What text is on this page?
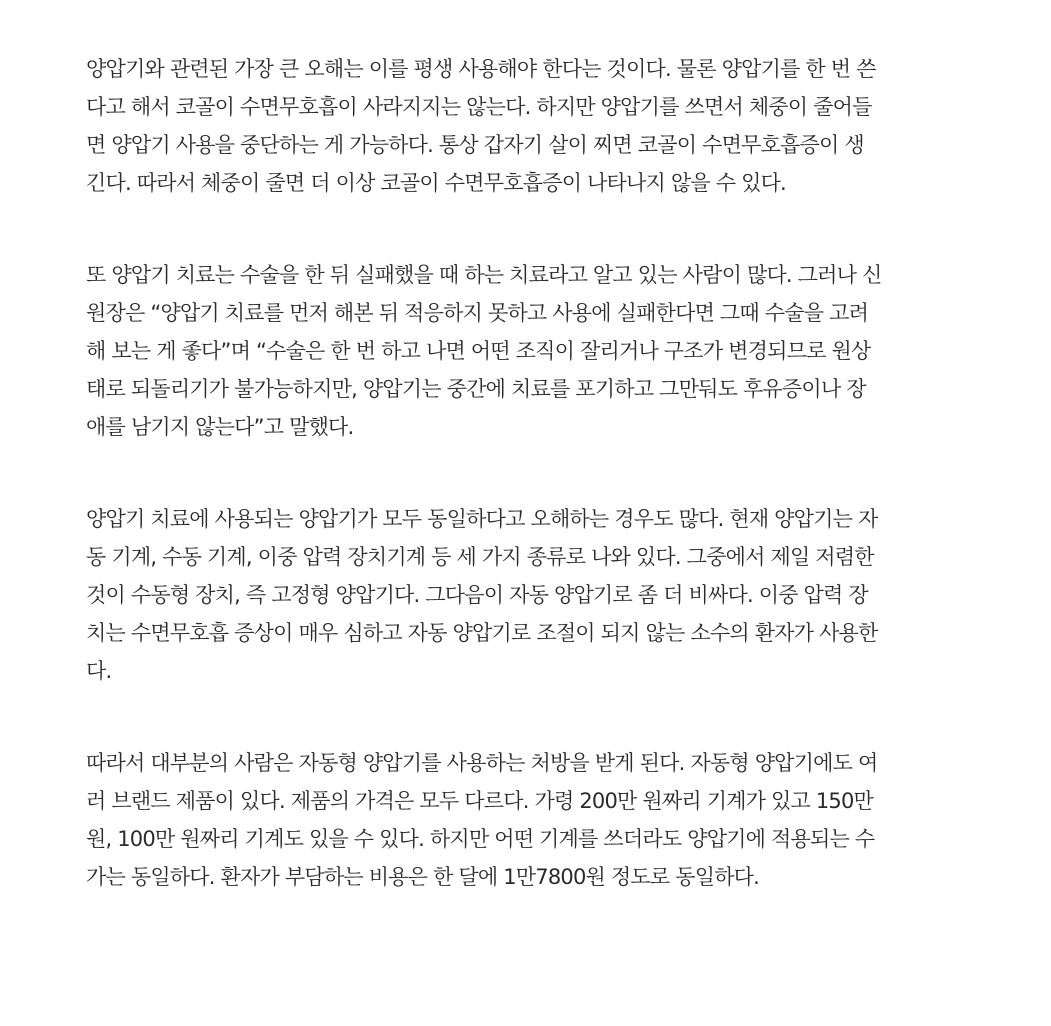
양압기와 관련된 가장 큰 오해는 이를 평생 사용해야 한다는 것이다. 물론 양압기를 한 번 쓴
다고 해서 코골이 수면무호흡이 사라지지는 않는다. 하지만 양압기를 쓰면서 체중이 줄어들
면 양압기 사용을 중단하는 게 가능하다. 통상 갑자기 살이 찌면 코골이 수면무호흡증이 생
긴다. 따라서 체중이 줄면 더 이상 코골이 수면무호흡증이 나타나지 않을 수 있다.

또 양압기 치료는 수술을 한 뒤 실패했을 때 하는 치료라고 알고 있는 사람이 많다. 그러나 신
원장은 “양압기 치료를 먼저 해본 뒤 적응하지 못하고 사용에 실패한다면 그때 수술을 고려
해 보는 게 좋다”며 “수술은 한 번 하고 나면 어떤 조직이 잘리거나 구조가 변경되므로 원상
태로 되돌리기가 불가능하지만, 양압기는 중간에 치료를 포기하고 그만둬도 후유증이나 장
애를 남기지 않는다”고 말했다.

양압기 치료에 사용되는 양압기가 모두 동일하다고 오해하는 경우도 많다. 현재 양압기는 자
동 기계, 수동 기계, 이중 압력 장치기계 등 세 가지 종류로 나와 있다. 그중에서 제일 저렴한
것이 수동형 장치, 즉 고정형 양압기다. 그다음이 자동 양압기로 좀 더 비싸다. 이중 압력 장
치는 수면무호흡 증상이 매우 심하고 자동 양압기로 조절이 되지 않는 소수의 환자가 사용한
다.

따라서 대부분의 사람은 자동형 양압기를 사용하는 처방을 받게 된다. 자동형 양압기에도 여
러 브랜드 제품이 있다. 제품의 가격은 모두 다르다. 가령 200만 원짜리 기계가 있고 150만
원, 100만 원짜리 기계도 있을 수 있다. 하지만 어떤 기계를 쓰더라도 양압기에 적용되는 수
가는 동일하다. 환자가 부담하는 비용은 한 달에 1만7800원 정도로 동일하다.
